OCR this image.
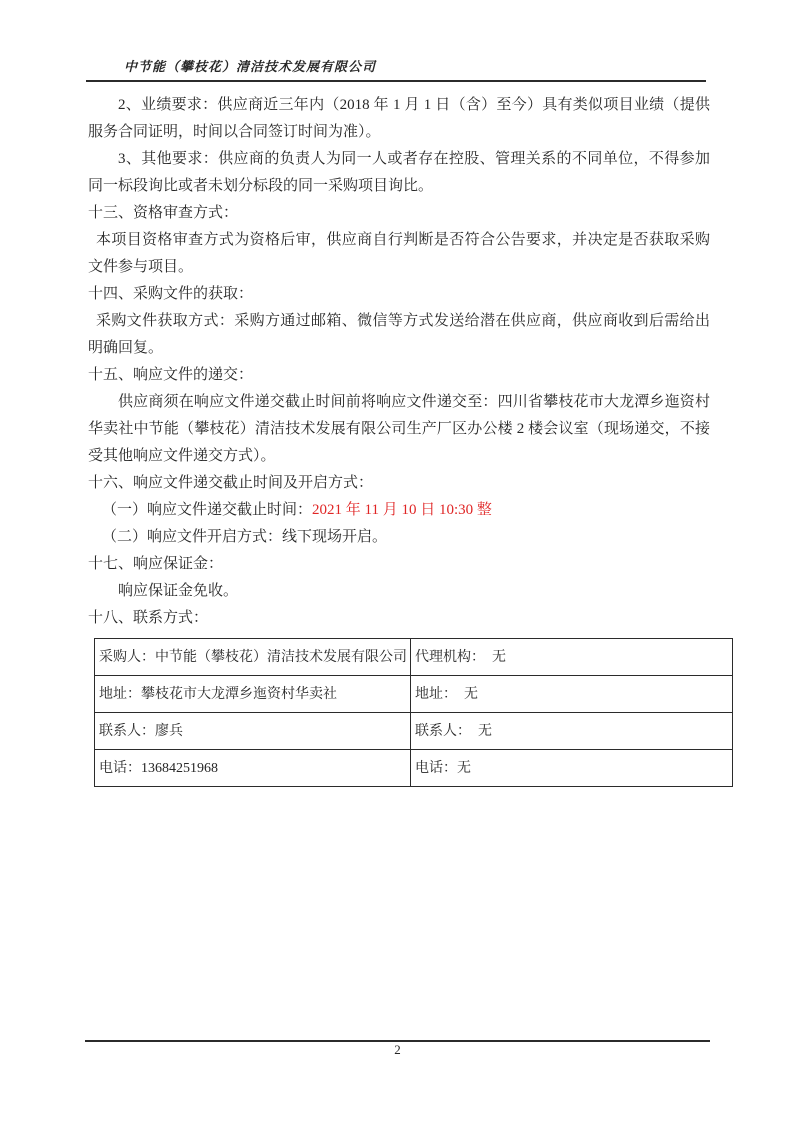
中节能（攀枝花）清洁技术发展有限公司

2、业绩要求：供应商近三年内（2018 年 1 月 1 日（含）至今）具有类似项目业绩（提供服务合同证明，时间以合同签订时间为准）。

3、其他要求：供应商的负责人为同一人或者存在控股、管理关系的不同单位，不得参加同一标段询比或者未划分标段的同一采购项目询比。

十三、资格审查方式：

本项目资格审查方式为资格后审，供应商自行判断是否符合公告要求，并决定是否获取采购文件参与项目。

十四、采购文件的获取：

采购文件获取方式：采购方通过邮箱、微信等方式发送给潜在供应商，供应商收到后需给出明确回复。

十五、响应文件的递交：

供应商须在响应文件递交截止时间前将响应文件递交至：四川省攀枝花市大龙潭乡迤资村华卖社中节能（攀枝花）清洁技术发展有限公司生产厂区办公楼 2 楼会议室（现场递交，不接受其他响应文件递交方式）。

十六、响应文件递交截止时间及开启方式：

（一）响应文件递交截止时间：2021 年 11 月 10 日 10:30 整

（二）响应文件开启方式：线下现场开启。

十七、响应保证金：

响应保证金免收。

十八、联系方式：

采购人：中节能（攀枝花）清洁技术发展有限公司	代理机构：　无
地址：攀枝花市大龙潭乡迤资村华卖社	地址：　无
联系人：廖兵	联系人：　无
电话：13684251968	电话：无
2
